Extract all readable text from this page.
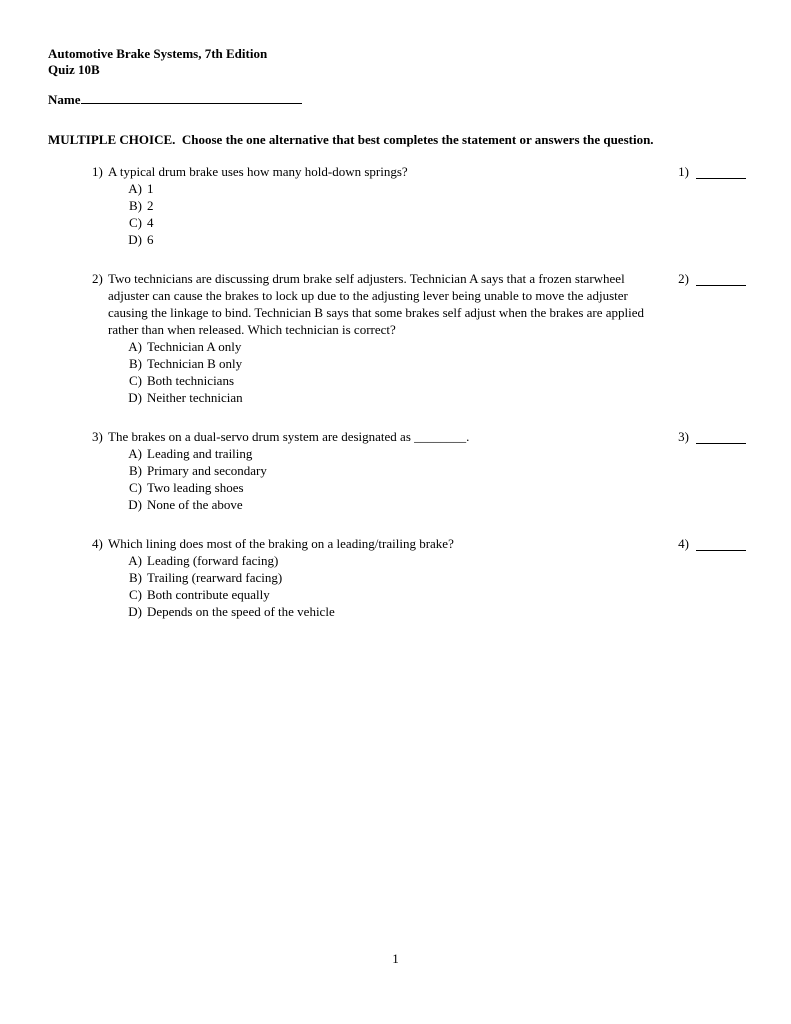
Automotive Brake Systems, 7th Edition
Quiz 10B
Name
MULTIPLE CHOICE.  Choose the one alternative that best completes the statement or answers the question.
1) A typical drum brake uses how many hold-down springs?
A) 1
B) 2
C) 4
D) 6
1)
2) Two technicians are discussing drum brake self adjusters. Technician A says that a frozen starwheel adjuster can cause the brakes to lock up due to the adjusting lever being unable to move the adjuster causing the linkage to bind. Technician B says that some brakes self adjust when the brakes are applied rather than when released. Which technician is correct?
A) Technician A only
B) Technician B only
C) Both technicians
D) Neither technician
2)
3) The brakes on a dual-servo drum system are designated as ________.
A) Leading and trailing
B) Primary and secondary
C) Two leading shoes
D) None of the above
3)
4) Which lining does most of the braking on a leading/trailing brake?
A) Leading (forward facing)
B) Trailing (rearward facing)
C) Both contribute equally
D) Depends on the speed of the vehicle
4)
1
